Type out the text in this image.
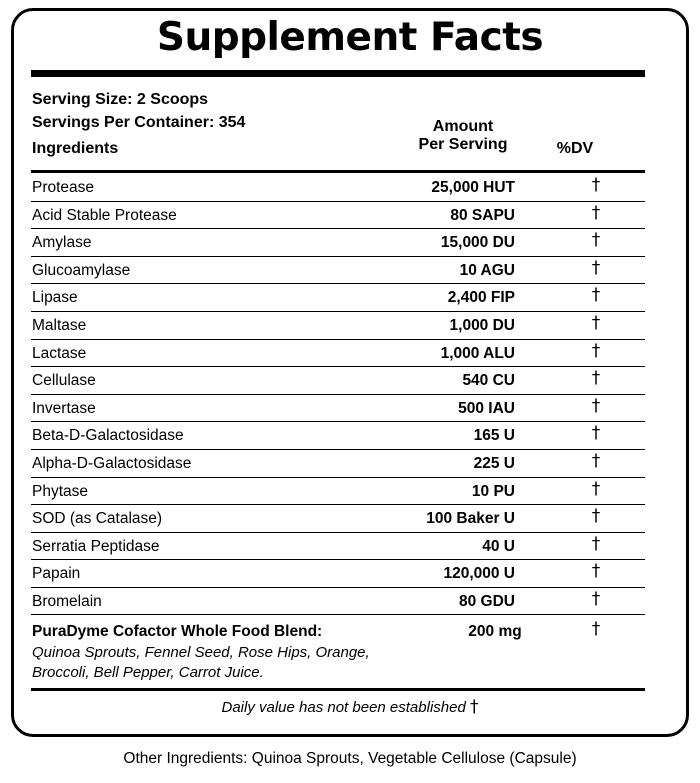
Supplement Facts
Serving Size: 2 Scoops
Servings Per Container: 354	Amount
Per Serving
Ingredients	%DV
Protease	25,000 HUT	†
Acid Stable Protease	80 SAPU	†
Amylase	15,000 DU	†
Glucoamylase	10 AGU	†
Lipase	2,400 FIP	†
Maltase	1,000 DU	†
Lactase	1,000 ALU	†
Cellulase	540 CU	†
Invertase	500 IAU	†
Beta-D-Galactosidase	165 U	†
Alpha-D-Galactosidase	225 U	†
Phytase	10 PU	†
SOD (as Catalase)	100 Baker U	†
Serratia Peptidase	40 U	†
Papain	120,000 U	†
Bromelain	80 GDU	†
PuraDyme Cofactor Whole Food Blend:	200 mg	†
Quinoa Sprouts, Fennel Seed, Rose Hips, Orange,
Broccoli, Bell Pepper, Carrot Juice.
Daily value has not been established †
Other Ingredients: Quinoa Sprouts, Vegetable Cellulose (Capsule)
